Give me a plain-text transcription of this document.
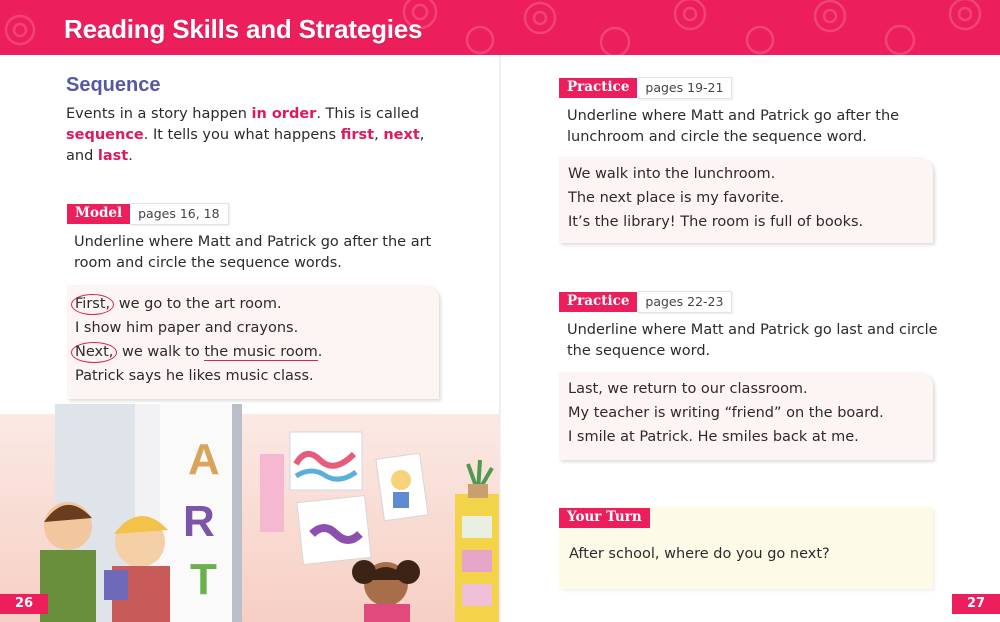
Reading Skills and Strategies
Sequence
Events in a story happen in order. This is called
sequence. It tells you what happens first, next,
and last.
Model	pages 16, 18
Underline where Matt and Patrick go after the art
room and circle the sequence words.
First, we go to the art room.
I show him paper and crayons.
Next, we walk to the music room.
Patrick says he likes music class.
A
R
T
26
Practice	pages 19-21
Underline where Matt and Patrick go after the
lunchroom and circle the sequence word.
We walk into the lunchroom.
The next place is my favorite.
It’s the library! The room is full of books.
Practice	pages 22-23
Underline where Matt and Patrick go last and circle
the sequence word.
Last, we return to our classroom.
My teacher is writing “friend” on the board.
I smile at Patrick. He smiles back at me.
Your Turn
After school, where do you go next?
27
